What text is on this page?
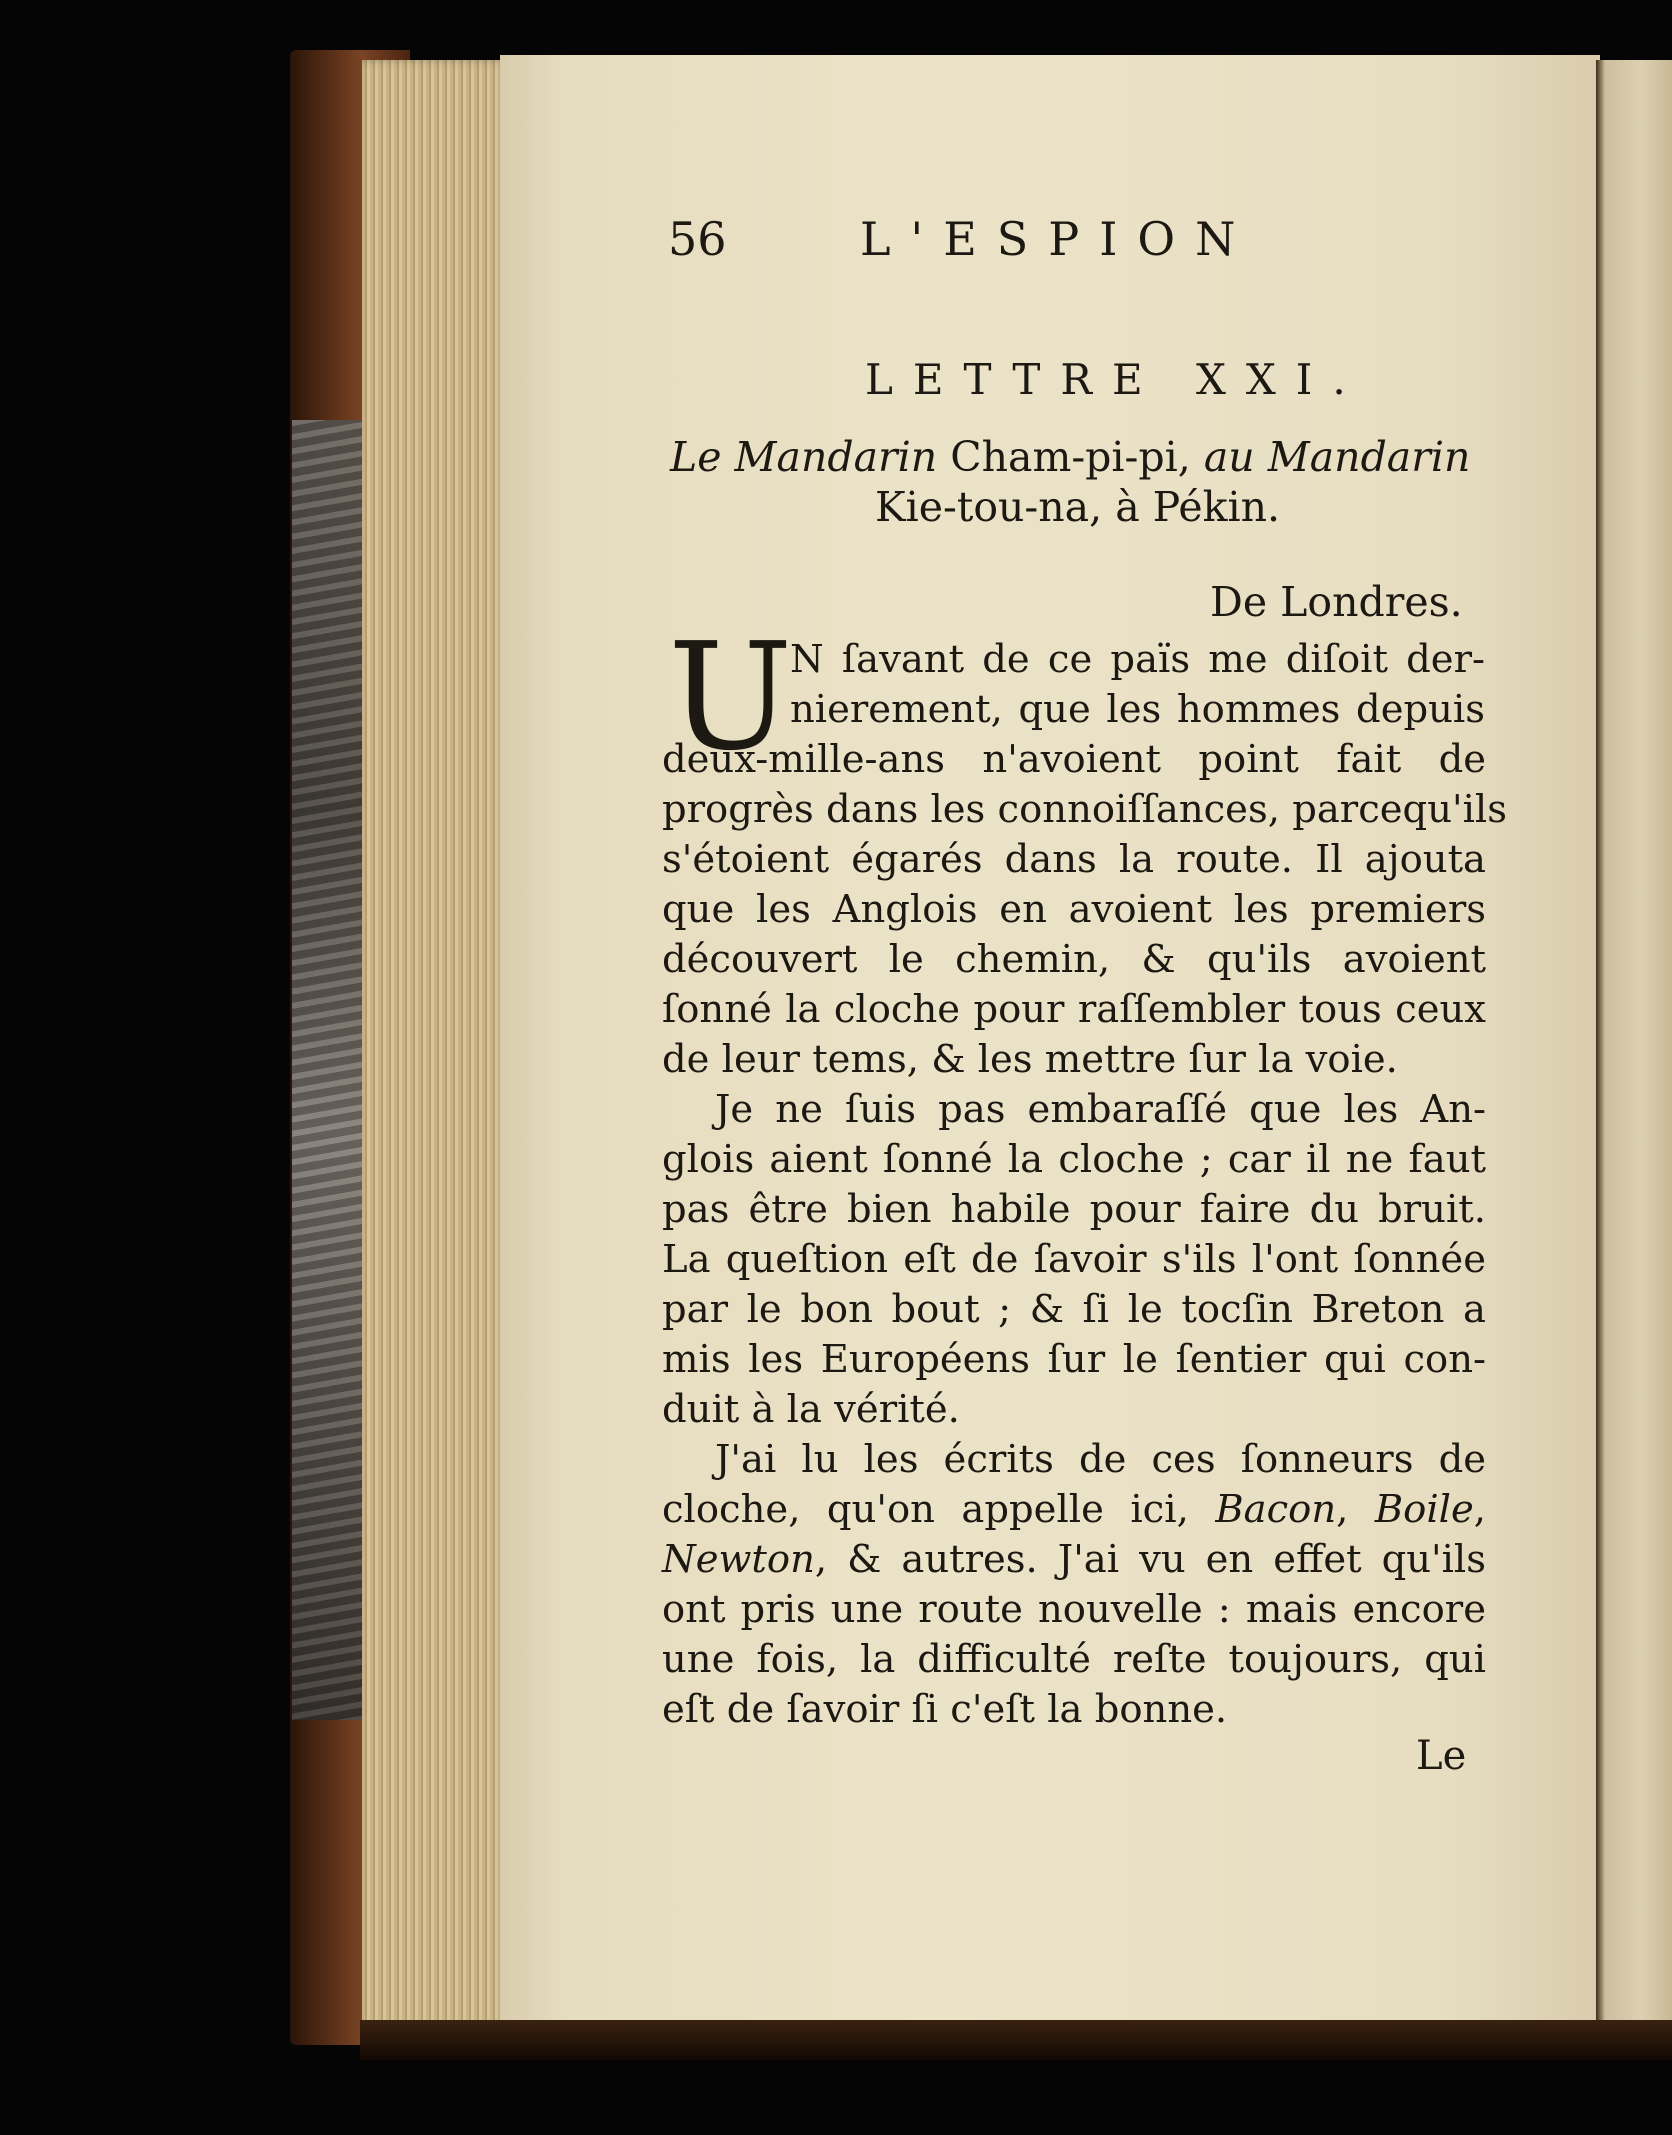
56	L'ESPION
LETTRE XXI.
Le Mandarin Cham-pi-pi, au Mandarin
Kie-tou-na, à Pékin.
De Londres.
U
N ſavant de ce païs me diſoit der-
nierement, que les hommes depuis
deux-mille-ans n'avoient point fait de
progrès dans les connoiſſances, parcequ'ils
s'étoient égarés dans la route. Il ajouta
que les Anglois en avoient les premiers
découvert le chemin, & qu'ils avoient
ſonné la cloche pour raſſembler tous ceux
de leur tems, & les mettre ſur la voie.
Je ne ſuis pas embaraſſé que les An-
glois aient ſonné la cloche ; car il ne faut
pas être bien habile pour faire du bruit.
La queſtion eſt de ſavoir s'ils l'ont ſonnée
par le bon bout ; & ſi le tocſin Breton a
mis les Européens ſur le ſentier qui con-
duit à la vérité.
J'ai lu les écrits de ces ſonneurs de
cloche, qu'on appelle ici, Bacon, Boile,
Newton, & autres. J'ai vu en effet qu'ils
ont pris une route nouvelle : mais encore
une fois, la difficulté reſte toujours, qui
eſt de ſavoir ſi c'eſt la bonne.
Le
